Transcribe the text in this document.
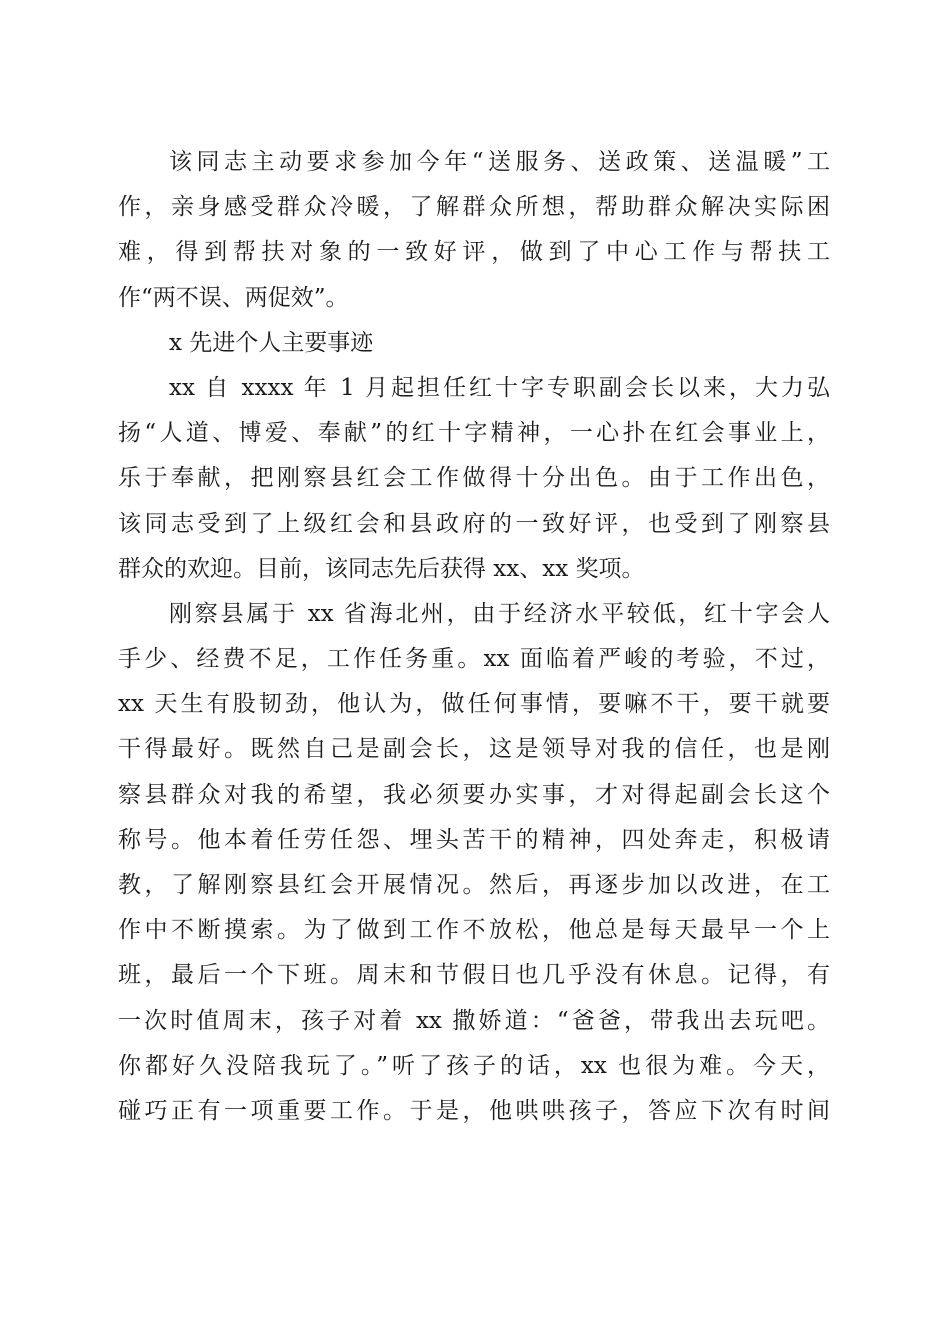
该同志主动要求参加今年“送服务、送政策、送温暖”工
作，亲身感受群众冷暖，了解群众所想，帮助群众解决实际困
难，得到帮扶对象的一致好评，做到了中心工作与帮扶工
作“两不误、两促效”。
x 先进个人主要事迹
xx 自 xxxx 年 1 月起担任红十字专职副会长以来，大力弘
扬“人道、博爱、奉献”的红十字精神，一心扑在红会事业上，
乐于奉献，把刚察县红会工作做得十分出色。由于工作出色，
该同志受到了上级红会和县政府的一致好评，也受到了刚察县
群众的欢迎。目前，该同志先后获得 xx、xx 奖项。
刚察县属于 xx 省海北州，由于经济水平较低，红十字会人
手少、经费不足，工作任务重。xx 面临着严峻的考验，不过，
xx 天生有股韧劲，他认为，做任何事情，要嘛不干，要干就要
干得最好。既然自己是副会长，这是领导对我的信任，也是刚
察县群众对我的希望，我必须要办实事，才对得起副会长这个
称号。他本着任劳任怨、埋头苦干的精神，四处奔走，积极请
教，了解刚察县红会开展情况。然后，再逐步加以改进，在工
作中不断摸索。为了做到工作不放松，他总是每天最早一个上
班，最后一个下班。周末和节假日也几乎没有休息。记得，有
一次时值周末，孩子对着 xx 撒娇道：“爸爸，带我出去玩吧。
你都好久没陪我玩了。”听了孩子的话，xx 也很为难。今天，
碰巧正有一项重要工作。于是，他哄哄孩子，答应下次有时间
